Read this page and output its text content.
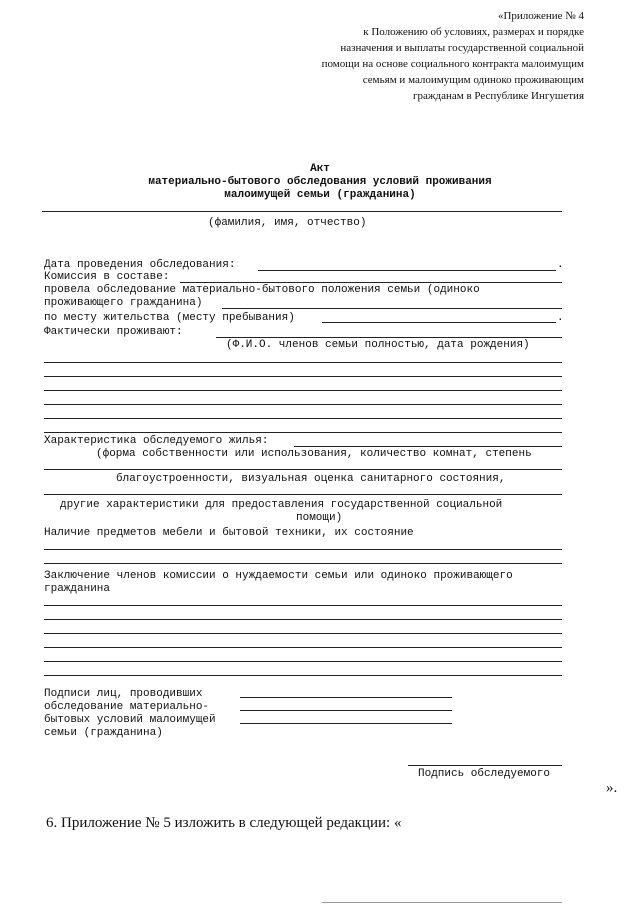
«Приложение № 4
к Положению об условиях, размерах и порядке
назначения и выплаты государственной социальной
помощи на основе социального контракта малоимущим
семьям и малоимущим одиноко проживающим
гражданам в Республике Ингушетия
Акт
материально-бытового обследования условий проживания
малоимущей семьи (гражданина)
(фамилия, имя, отчество)
Дата проведения обследования:	.
Комиссия в составе:
провела обследование материально-бытового положения семьи (одиноко
проживающего гражданина)
по месту жительства (месту пребывания)	.
Фактически проживают:
(Ф.И.О. членов семьи полностью, дата рождения)
Характеристика обследуемого жилья:
(форма собственности или использования, количество комнат, степень
благоустроенности, визуальная оценка санитарного состояния,
другие характеристики для предоставления государственной социальной
помощи)
Наличие предметов мебели и бытовой техники, их состояние
Заключение членов комиссии о нуждаемости семьи или одиноко проживающего
гражданина
Подписи лиц, проводивших
обследование материально-
бытовых условий малоимущей
семьи (гражданина)
Подпись обследуемого
».
6. Приложение № 5 изложить в следующей редакции: «
